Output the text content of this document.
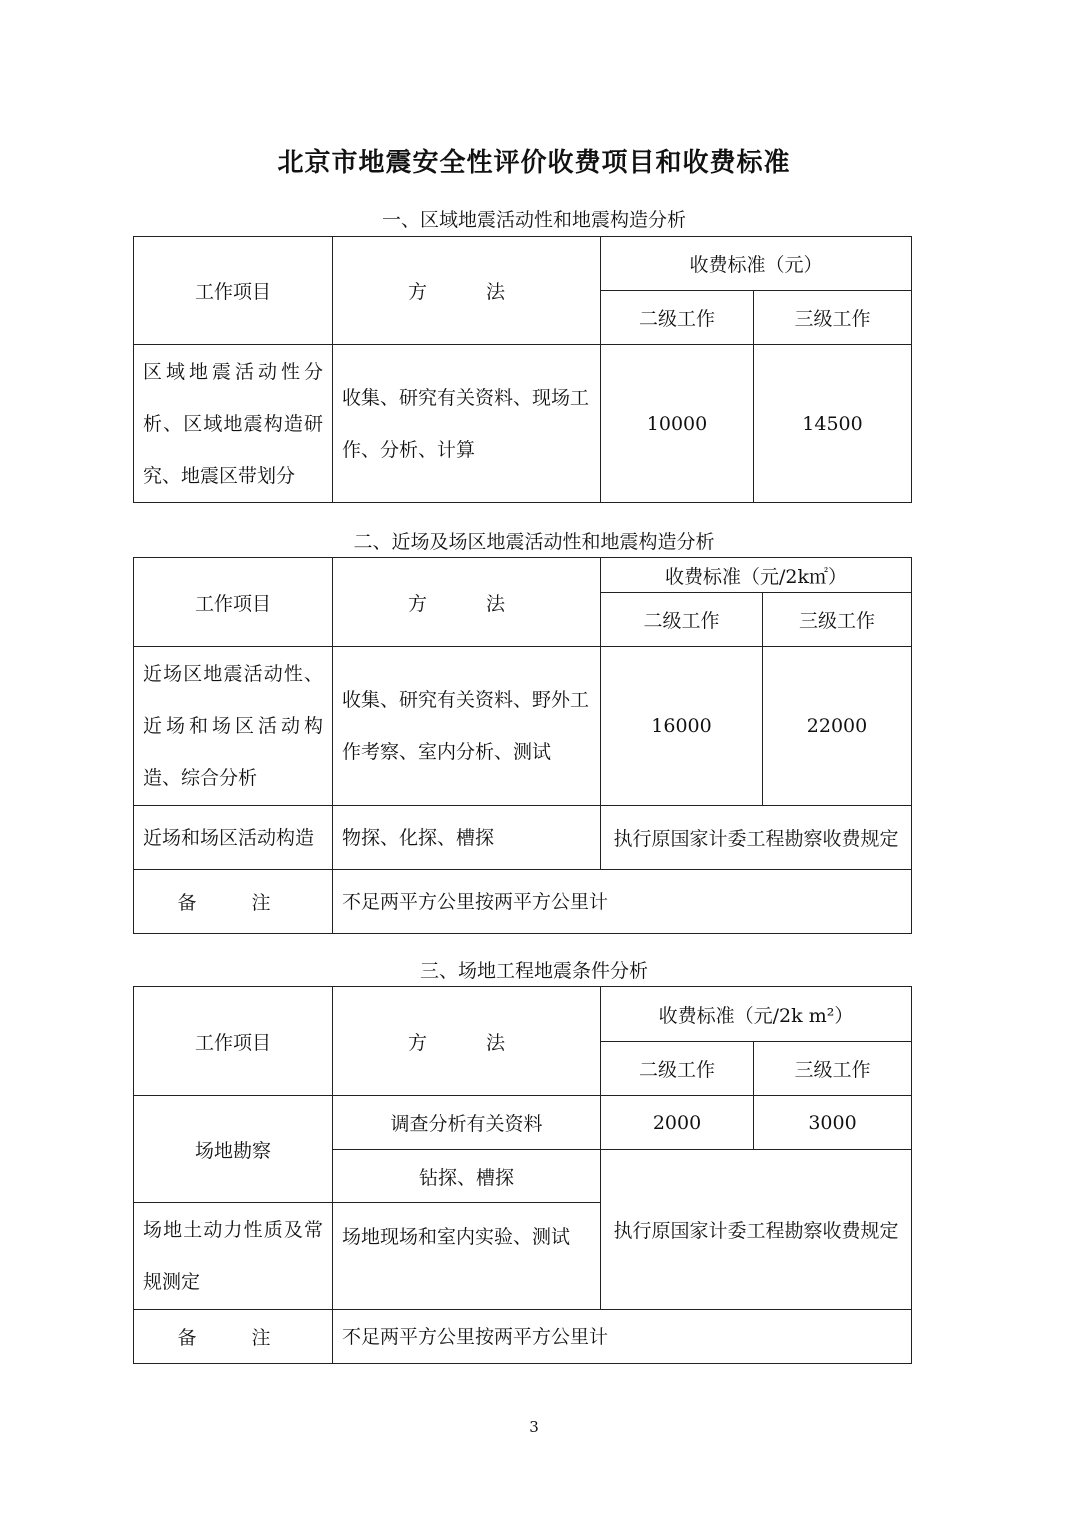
北京市地震安全性评价收费项目和收费标准
一、区域地震活动性和地震构造分析
工作项目	方　法	收费标准（元）	
		二级工作	三级工作
区域地震活动性分析、区域地震构造研究、地震区带划分	收集、研究有关资料、现场工作、分析、计算	10000	14500
二、近场及场区地震活动性和地震构造分析
工作项目	方　法	收费标准（元/2k㎡）	
		二级工作	三级工作
近场区地震活动性、近场和场区活动构造、综合分析	收集、研究有关资料、野外工作考察、室内分析、测试	16000	22000
近场和场区活动构造	物探、化探、槽探	执行原国家计委工程勘察收费规定	
备　注	不足两平方公里按两平方公里计		
三、场地工程地震条件分析
工作项目	方　法	收费标准（元/2k m²）	
		二级工作	三级工作
场地勘察	调查分析有关资料	2000	3000
	钻探、槽探	执行原国家计委工程勘察收费规定	
场地土动力性质及常规测定	场地现场和室内实验、测试		
备　注	不足两平方公里按两平方公里计		
3
